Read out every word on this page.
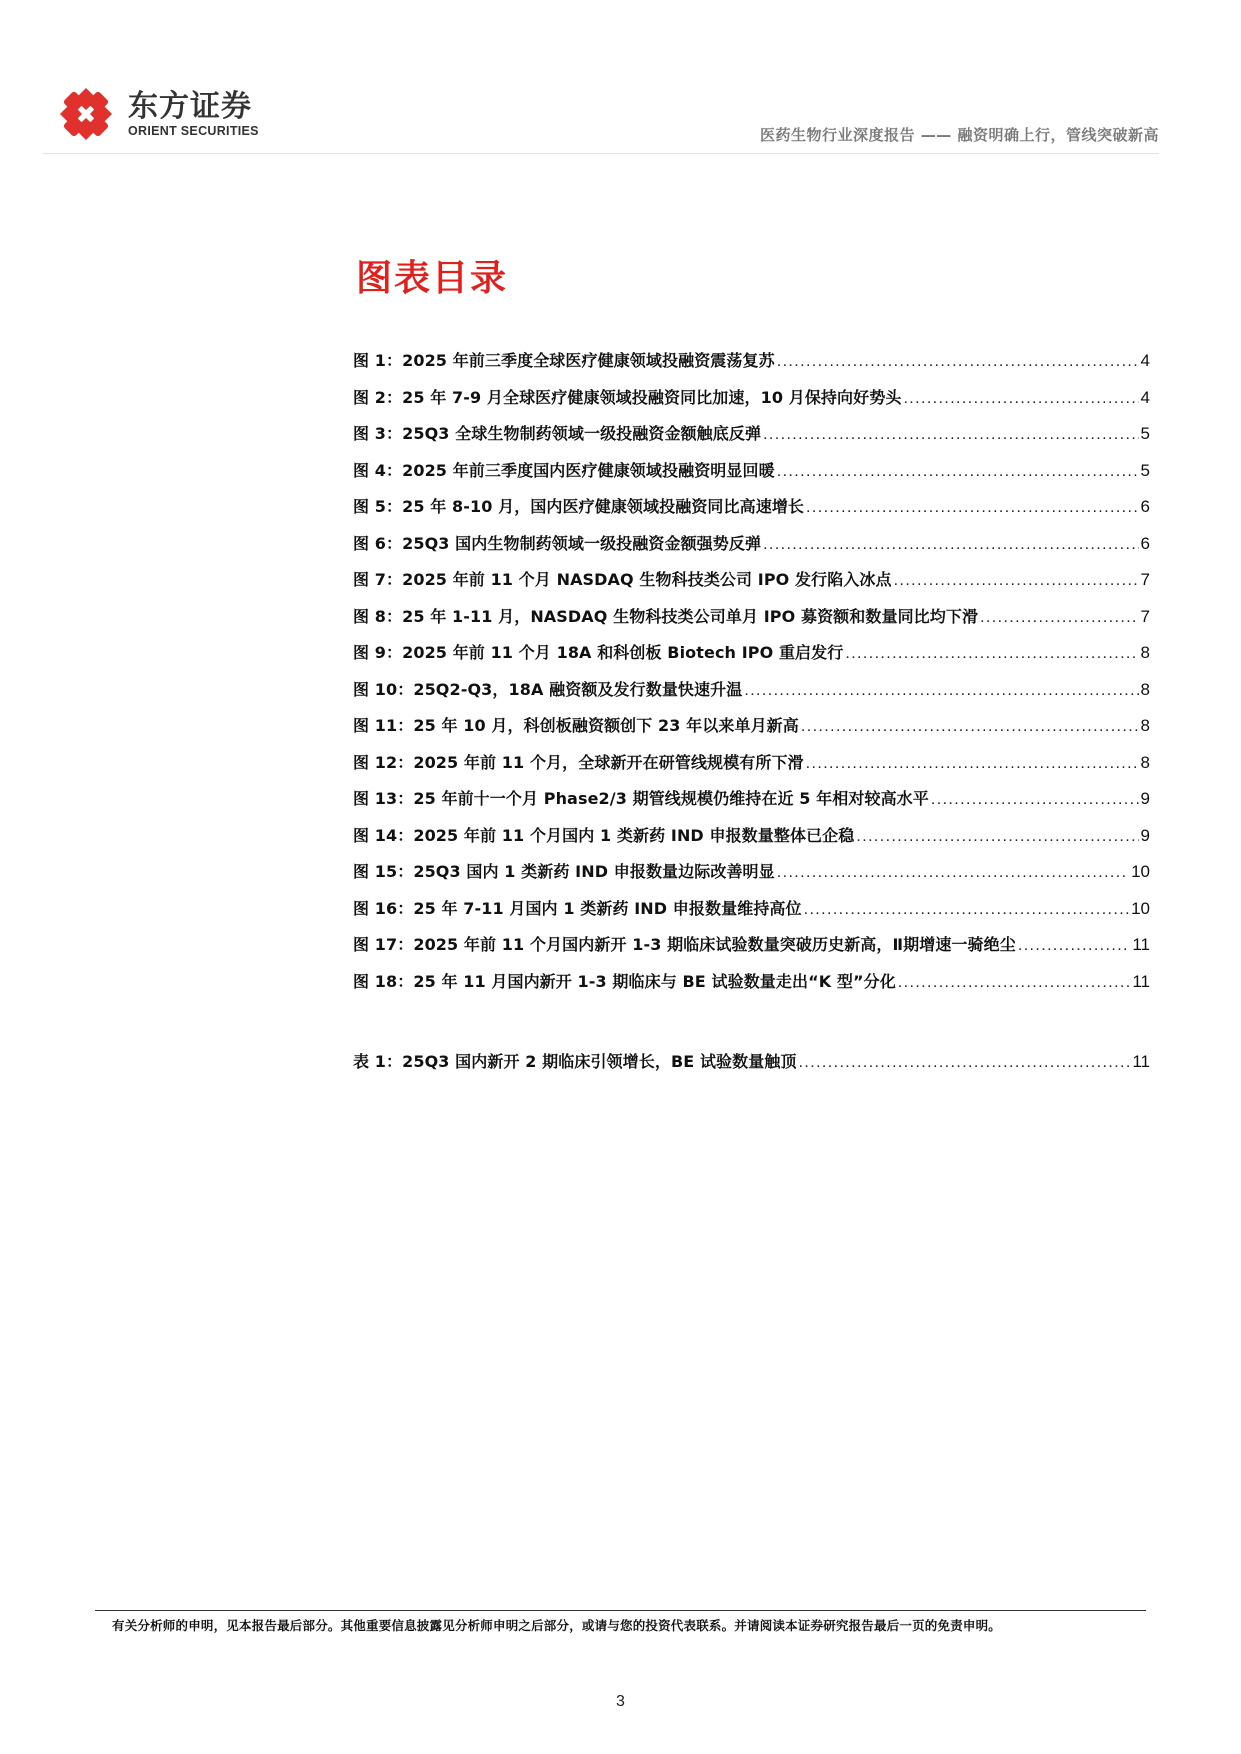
东方证券
ORIENT SECURITIES	医药生物行业深度报告 —— 融资明确上行，管线突破新高
图表目录
图 1：2025 年前三季度全球医疗健康领域投融资震荡复苏 .....	4
图 2：25 年 7-9 月全球医疗健康领域投融资同比加速，10 月保持向好势头 .....	4
图 3：25Q3 全球生物制药领域一级投融资金额触底反弹 .....	5
图 4：2025 年前三季度国内医疗健康领域投融资明显回暖 .....	5
图 5：25 年 8-10 月，国内医疗健康领域投融资同比高速增长 .....	6
图 6：25Q3 国内生物制药领域一级投融资金额强势反弹 .....	6
图 7：2025 年前 11 个月 NASDAQ 生物科技类公司 IPO 发行陷入冰点 .....	7
图 8：25 年 1-11 月，NASDAQ 生物科技类公司单月 IPO 募资额和数量同比均下滑 .....	7
图 9：2025 年前 11 个月 18A 和科创板 Biotech IPO 重启发行 .....	8
图 10：25Q2-Q3，18A 融资额及发行数量快速升温 .....	8
图 11：25 年 10 月，科创板融资额创下 23 年以来单月新高 .....	8
图 12：2025 年前 11 个月，全球新开在研管线规模有所下滑 .....	8
图 13：25 年前十一个月 Phase2/3 期管线规模仍维持在近 5 年相对较高水平 .....	9
图 14：2025 年前 11 个月国内 1 类新药 IND 申报数量整体已企稳 .....	9
图 15：25Q3 国内 1 类新药 IND 申报数量边际改善明显 .....	10
图 16：25 年 7-11 月国内 1 类新药 IND 申报数量维持高位 .....	10
图 17：2025 年前 11 个月国内新开 1-3 期临床试验数量突破历史新高，Ⅱ期增速一骑绝尘 .....	11
图 18：25 年 11 月国内新开 1-3 期临床与 BE 试验数量走出“K 型”分化 .....	11
表 1：25Q3 国内新开 2 期临床引领增长，BE 试验数量触顶 .....	11
有关分析师的申明，见本报告最后部分。其他重要信息披露见分析师申明之后部分，或请与您的投资代表联系。并请阅读本证券研究报告最后一页的免责申明。
3
